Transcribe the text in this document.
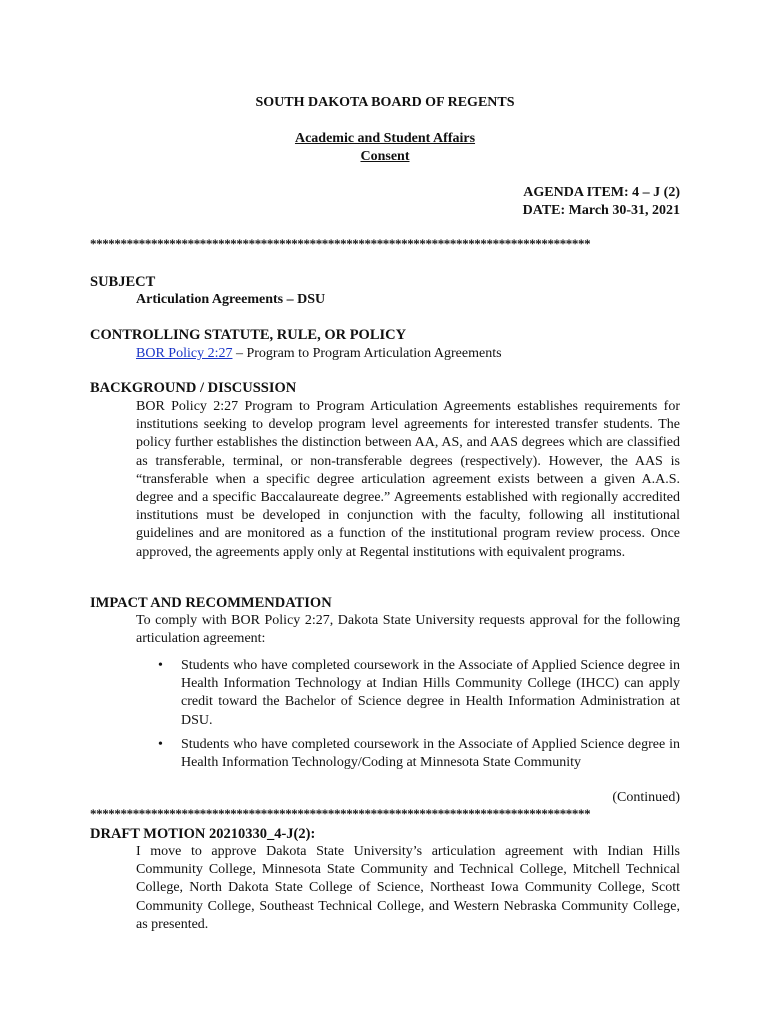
SOUTH DAKOTA BOARD OF REGENTS
Academic and Student Affairs
Consent
AGENDA ITEM: 4 – J (2)
DATE: March 30-31, 2021
**********************************************************************************
SUBJECT
Articulation Agreements – DSU
CONTROLLING STATUTE, RULE, OR POLICY
BOR Policy 2:27 – Program to Program Articulation Agreements
BACKGROUND / DISCUSSION
BOR Policy 2:27 Program to Program Articulation Agreements establishes requirements for institutions seeking to develop program level agreements for interested transfer students. The policy further establishes the distinction between AA, AS, and AAS degrees which are classified as transferable, terminal, or non-transferable degrees (respectively). However, the AAS is “transferable when a specific degree articulation agreement exists between a given A.A.S. degree and a specific Baccalaureate degree.” Agreements established with regionally accredited institutions must be developed in conjunction with the faculty, following all institutional guidelines and are monitored as a function of the institutional program review process. Once approved, the agreements apply only at Regental institutions with equivalent programs.
IMPACT AND RECOMMENDATION
To comply with BOR Policy 2:27, Dakota State University requests approval for the following articulation agreement:
• Students who have completed coursework in the Associate of Applied Science degree in Health Information Technology at Indian Hills Community College (IHCC) can apply credit toward the Bachelor of Science degree in Health Information Administration at DSU.
• Students who have completed coursework in the Associate of Applied Science degree in Health Information Technology/Coding at Minnesota State Community
(Continued)
**********************************************************************************
DRAFT MOTION 20210330_4-J(2):
I move to approve Dakota State University’s articulation agreement with Indian Hills Community College, Minnesota State Community and Technical College, Mitchell Technical College, North Dakota State College of Science, Northeast Iowa Community College, Scott Community College, Southeast Technical College, and Western Nebraska Community College, as presented.
